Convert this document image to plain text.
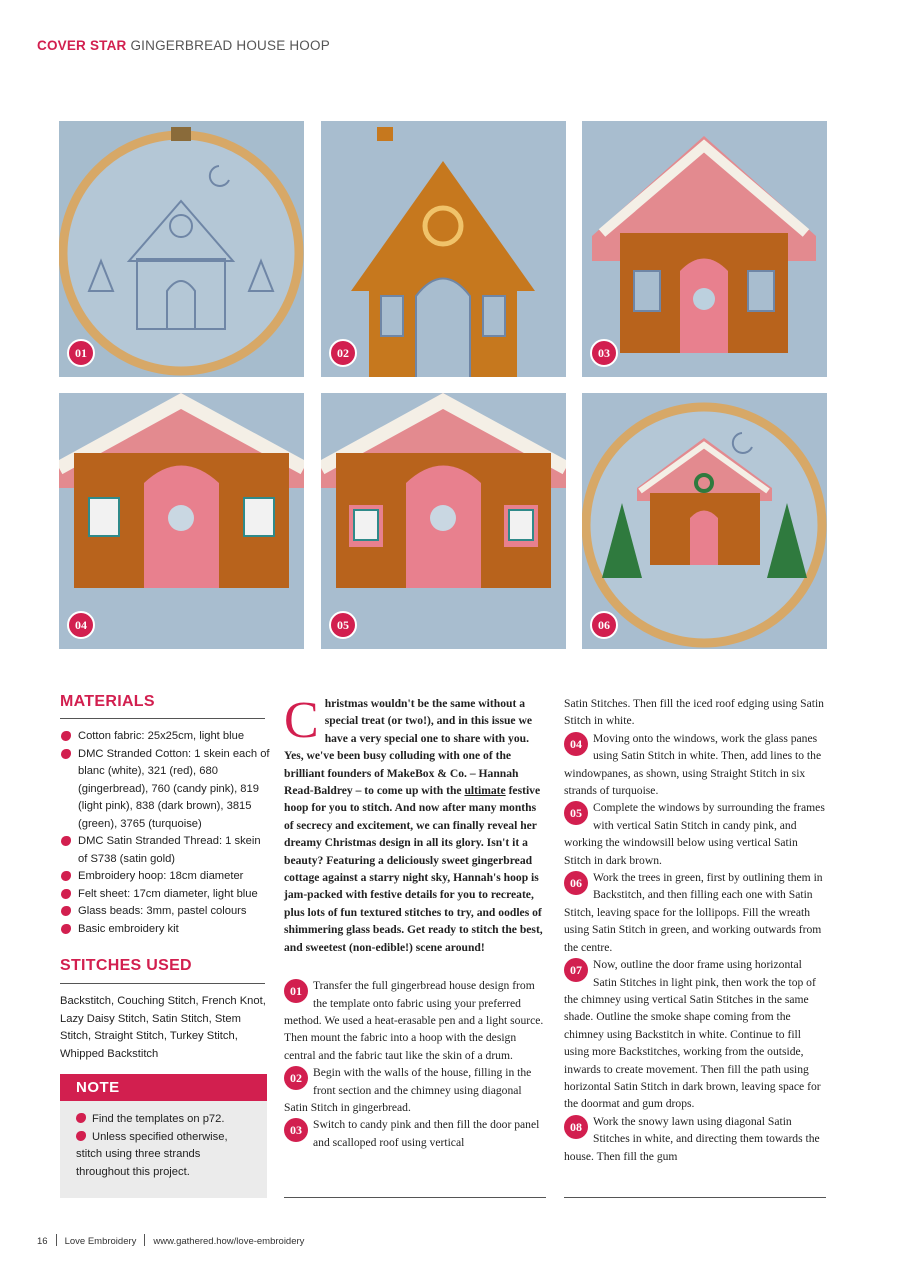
COVER STAR GINGERBREAD HOUSE HOOP
01	02	03
04	05	06
MATERIALS
Cotton fabric: 25x25cm, light blue
DMC Stranded Cotton: 1 skein each of blanc (white), 321 (red), 680 (gingerbread), 760 (candy pink), 819 (light pink), 838 (dark brown), 3815 (green), 3765 (turquoise)
DMC Satin Stranded Thread: 1 skein of S738 (satin gold)
Embroidery hoop: 18cm diameter
Felt sheet: 17cm diameter, light blue
Glass beads: 3mm, pastel colours
Basic embroidery kit
STITCHES USED
Backstitch, Couching Stitch, French Knot, Lazy Daisy Stitch, Satin Stitch, Stem Stitch, Straight Stitch, Turkey Stitch, Whipped Backstitch
NOTE
Find the templates on p72.
Unless specified otherwise, stitch using three strands throughout this project.

Christmas wouldn't be the same without a special treat (or two!), and in this issue we have a very special one to share with you. Yes, we've been busy colluding with one of the brilliant founders of MakeBox & Co. – Hannah Read-Baldrey – to come up with the ultimate festive hoop for you to stitch. And now after many months of secrecy and excitement, we can finally reveal her dreamy Christmas design in all its glory. Isn't it a beauty? Featuring a deliciously sweet gingerbread cottage against a starry night sky, Hannah's hoop is jam-packed with festive details for you to recreate, plus lots of fun textured stitches to try, and oodles of shimmering glass beads. Get ready to stitch the best, and sweetest (non-edible!) scene around!

01 Transfer the full gingerbread house design from the template onto fabric using your preferred method. We used a heat-erasable pen and a light source. Then mount the fabric into a hoop with the design central and the fabric taut like the skin of a drum.

02 Begin with the walls of the house, filling in the front section and the chimney using diagonal Satin Stitch in gingerbread.

03 Switch to candy pink and then fill the door panel and scalloped roof using vertical

Satin Stitches. Then fill the iced roof edging using Satin Stitch in white.

04 Moving onto the windows, work the glass panes using Satin Stitch in white. Then, add lines to the windowpanes, as shown, using Straight Stitch in six strands of turquoise.

05 Complete the windows by surrounding the frames with vertical Satin Stitch in candy pink, and working the windowsill below using vertical Satin Stitch in dark brown.

06 Work the trees in green, first by outlining them in Backstitch, and then filling each one with Satin Stitch, leaving space for the lollipops. Fill the wreath using Satin Stitch in green, and working outwards from the centre.

07 Now, outline the door frame using horizontal Satin Stitches in light pink, then work the top of the chimney using vertical Satin Stitches in the same shade. Outline the smoke shape coming from the chimney using Backstitch in white. Continue to fill using more Backstitches, working from the outside, inwards to create movement. Then fill the path using horizontal Satin Stitch in dark brown, leaving space for the doormat and gum drops.

08 Work the snowy lawn using diagonal Satin Stitches in white, and directing them towards the house. Then fill the gum

16 Love Embroidery www.gathered.how/love-embroidery
